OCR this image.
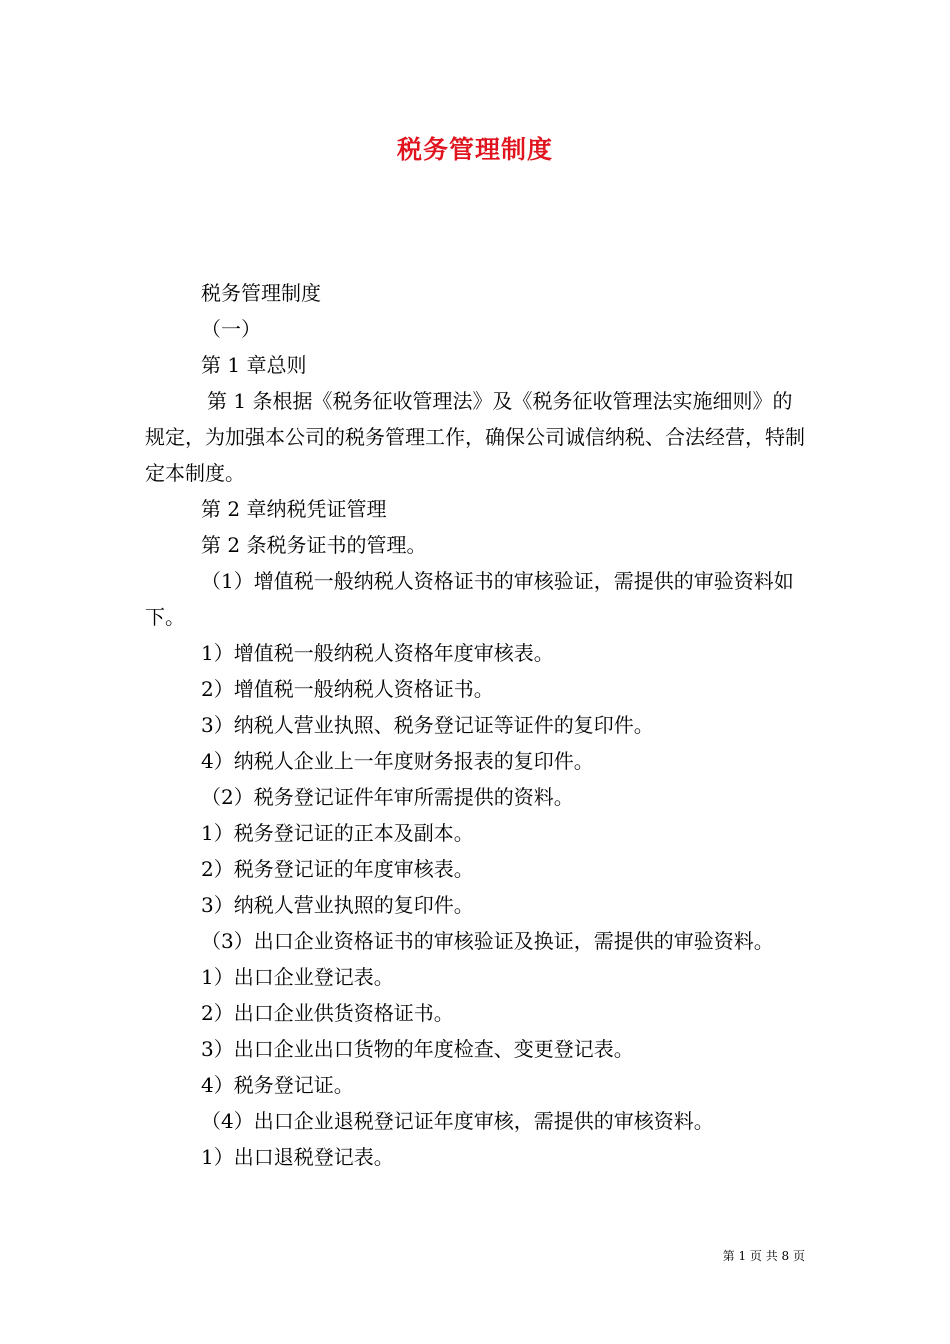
税务管理制度

税务管理制度

（一）

第 1 章总则

第 1 条根据《税务征收管理法》及《税务征收管理法实施细则》的规定，为加强本公司的税务管理工作，确保公司诚信纳税、合法经营，特制定本制度。

第 2 章纳税凭证管理

第 2 条税务证书的管理。

（1）增值税一般纳税人资格证书的审核验证，需提供的审验资料如下。

1）增值税一般纳税人资格年度审核表。

2）增值税一般纳税人资格证书。

3）纳税人营业执照、税务登记证等证件的复印件。

4）纳税人企业上一年度财务报表的复印件。

（2）税务登记证件年审所需提供的资料。

1）税务登记证的正本及副本。

2）税务登记证的年度审核表。

3）纳税人营业执照的复印件。

（3）出口企业资格证书的审核验证及换证，需提供的审验资料。

1）出口企业登记表。

2）出口企业供货资格证书。

3）出口企业出口货物的年度检查、变更登记表。

4）税务登记证。

（4）出口企业退税登记证年度审核，需提供的审核资料。

1）出口退税登记表。

第 1 页 共 8 页
